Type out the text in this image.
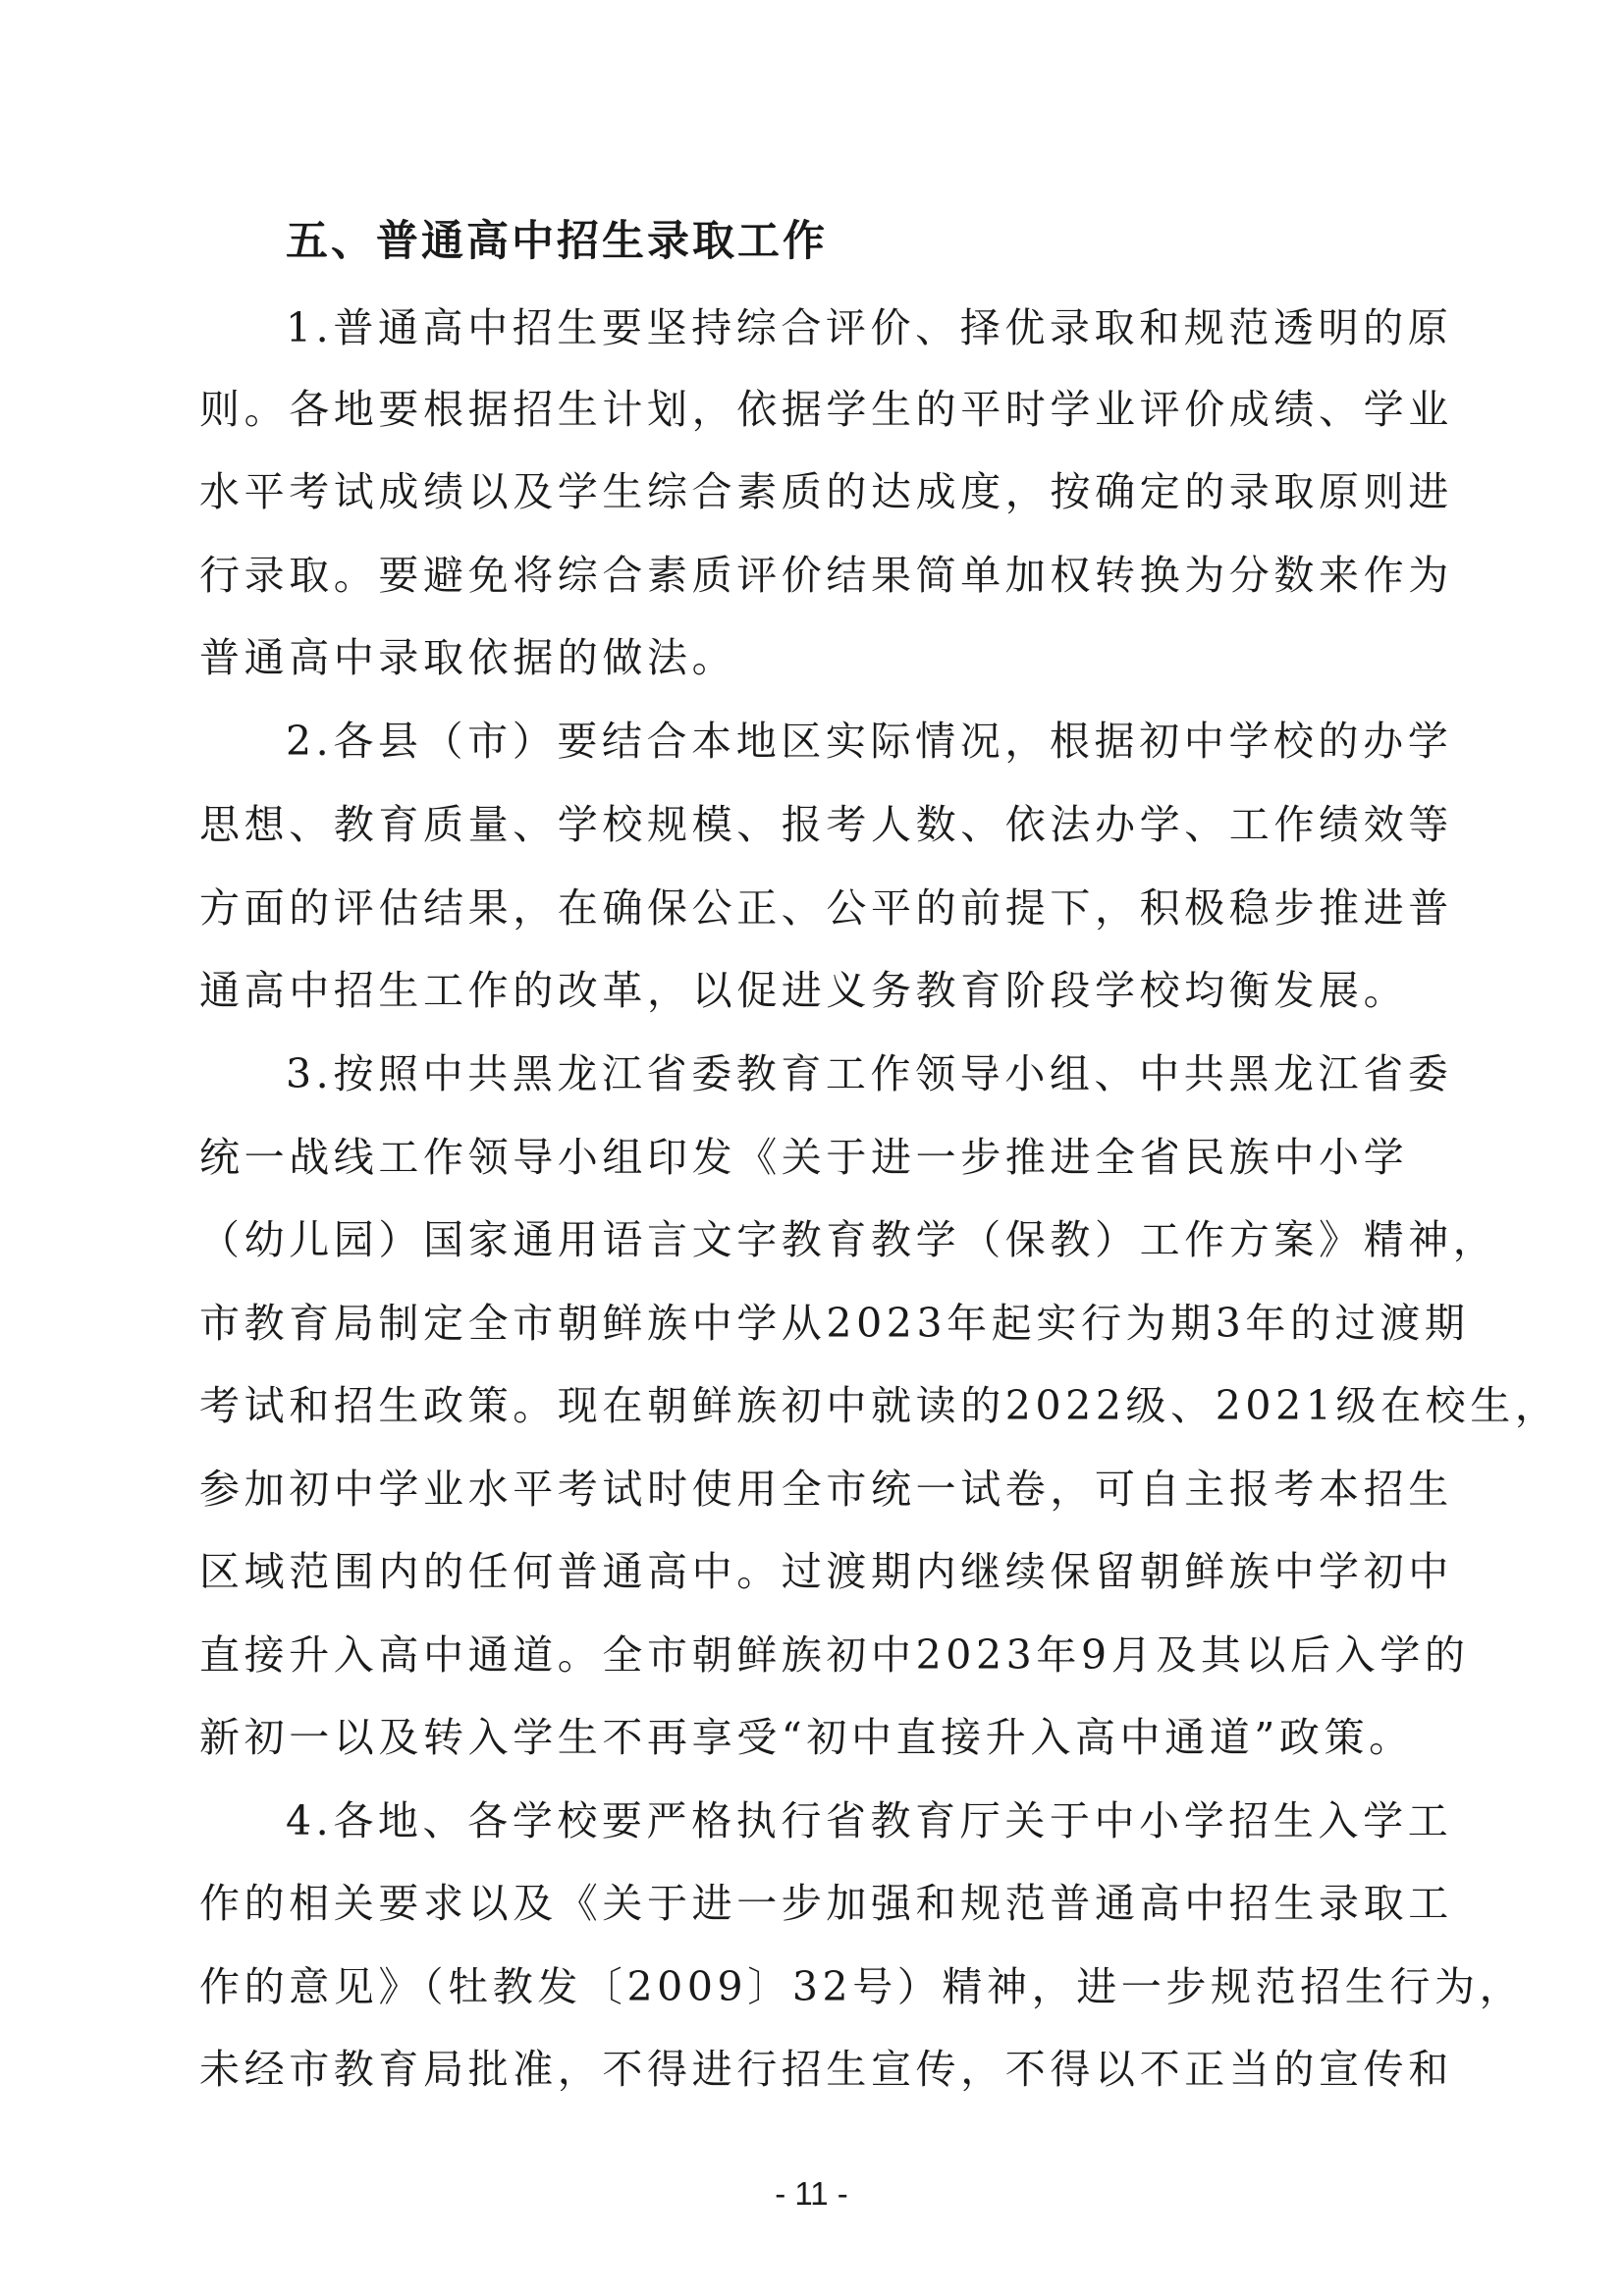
五、普通高中招生录取工作
1.普通高中招生要坚持综合评价、择优录取和规范透明的原
则。各地要根据招生计划，依据学生的平时学业评价成绩、学业
水平考试成绩以及学生综合素质的达成度，按确定的录取原则进
行录取。要避免将综合素质评价结果简单加权转换为分数来作为
普通高中录取依据的做法。
2.各县（市）要结合本地区实际情况，根据初中学校的办学
思想、教育质量、学校规模、报考人数、依法办学、工作绩效等
方面的评估结果，在确保公正、公平的前提下，积极稳步推进普
通高中招生工作的改革，以促进义务教育阶段学校均衡发展。
3.按照中共黑龙江省委教育工作领导小组、中共黑龙江省委
统一战线工作领导小组印发《关于进一步推进全省民族中小学
（幼儿园）国家通用语言文字教育教学（保教）工作方案》精神，
市教育局制定全市朝鲜族中学从2023年起实行为期3年的过渡期
考试和招生政策。现在朝鲜族初中就读的2022级、2021级在校生，
参加初中学业水平考试时使用全市统一试卷，可自主报考本招生
区域范围内的任何普通高中。过渡期内继续保留朝鲜族中学初中
直接升入高中通道。全市朝鲜族初中2023年9月及其以后入学的
新初一以及转入学生不再享受“初中直接升入高中通道”政策。
4.各地、各学校要严格执行省教育厅关于中小学招生入学工
作的相关要求以及《关于进一步加强和规范普通高中招生录取工
作的意见》（牡教发〔2009〕32号）精神，进一步规范招生行为，
未经市教育局批准，不得进行招生宣传，不得以不正当的宣传和
- 11 -
